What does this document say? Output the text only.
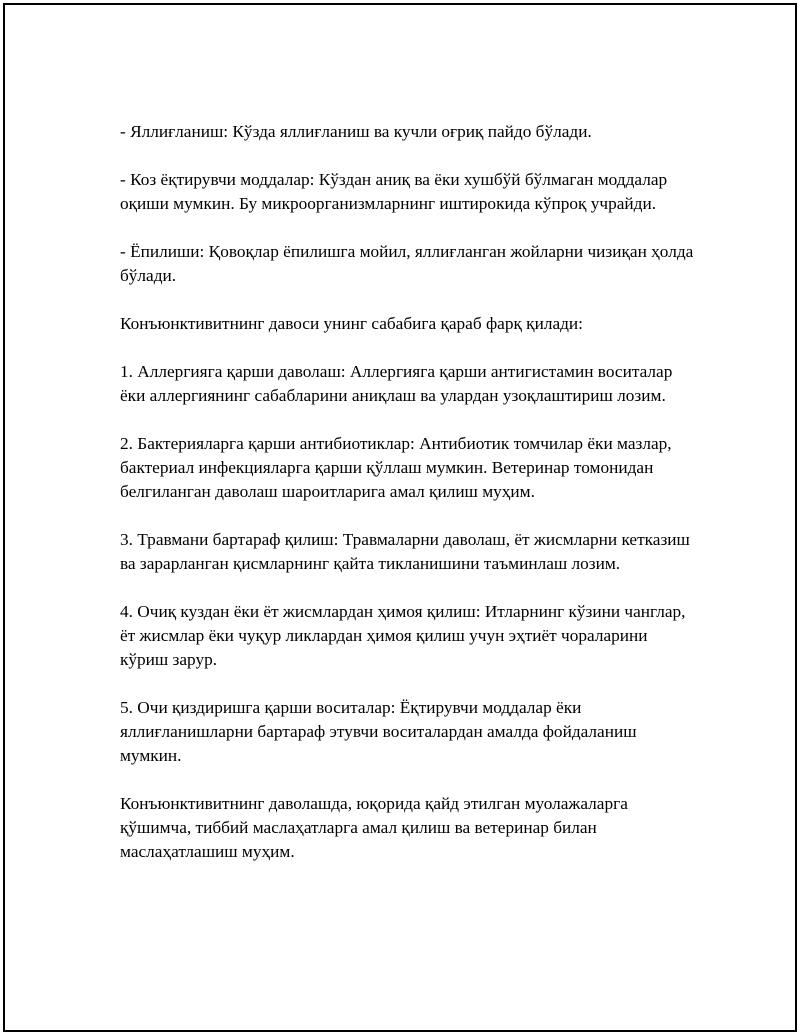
- Яллиғланиш: Кўзда яллиғланиш ва кучли оғриқ пайдо бўлади.

- Коз ёқтирувчи моддалар: Кўздан аниқ ва ёки хушбўй бўлмаган моддалар оқиши мумкин. Бу микроорганизмларнинг иштирокида кўпроқ учрайди.

- Ёпилиши: Қовоқлар ёпилишга мойил, яллиғланган жойларни чизиқан ҳолда бўлади.

Конъюнктивитнинг давоси унинг сабабига қараб фарқ қилади:

1. Аллергияга қарши даволаш: Аллергияга қарши антигистамин воситалар ёки аллергиянинг сабабларини аниқлаш ва улардан узоқлаштириш лозим.

2. Бактерияларга қарши антибиотиклар: Антибиотик томчилар ёки мазлар, бактериал инфекцияларга қарши қўллаш мумкин. Ветеринар томонидан белгиланган даволаш шароитларига амал қилиш муҳим.

3. Травмани бартараф қилиш: Травмаларни даволаш, ёт жисмларни кетказиш ва зарарланган қисмларнинг қайта тикланишини таъминлаш лозим.

4. Очиқ куздан ёки ёт жисмлардан ҳимоя қилиш: Итларнинг кўзини чанглар, ёт жисмлар ёки чуқур ликлардан ҳимоя қилиш учун эҳтиёт чораларини кўриш зарур.

5. Очи қиздиришга қарши воситалар: Ёқтирувчи моддалар ёки яллиғланишларни бартараф этувчи воситалардан амалда фойдаланиш мумкин.

Конъюнктивитнинг даволашда, юқорида қайд этилган муолажаларга қўшимча, тиббий маслаҳатларга амал қилиш ва ветеринар билан маслаҳатлашиш муҳим.
